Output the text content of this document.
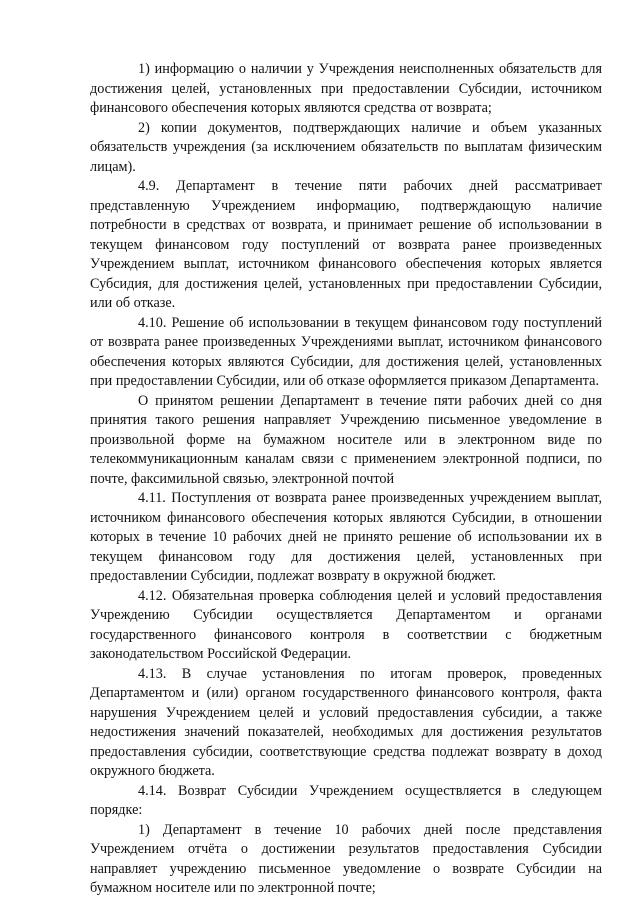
1) информацию о наличии у Учреждения неисполненных обязательств для достижения целей, установленных при предоставлении Субсидии, источником финансового обеспечения которых являются средства от возврата;

2) копии документов, подтверждающих наличие и объем указанных обязательств учреждения (за исключением обязательств по выплатам физическим лицам).

4.9. Департамент в течение пяти рабочих дней рассматривает представленную Учреждением информацию, подтверждающую наличие потребности в средствах от возврата, и принимает решение об использовании в текущем финансовом году поступлений от возврата ранее произведенных Учреждением выплат, источником финансового обеспечения которых является Субсидия, для достижения целей, установленных при предоставлении Субсидии, или об отказе.

4.10. Решение об использовании в текущем финансовом году поступлений от возврата ранее произведенных Учреждениями выплат, источником финансового обеспечения которых являются Субсидии, для достижения целей, установленных при предоставлении Субсидии, или об отказе оформляется приказом Департамента.

О принятом решении Департамент в течение пяти рабочих дней со дня принятия такого решения направляет Учреждению письменное уведомление в произвольной форме на бумажном носителе или в электронном виде по телекоммуникационным каналам связи с применением электронной подписи, по почте, факсимильной связью, электронной почтой

4.11. Поступления от возврата ранее произведенных учреждением выплат, источником финансового обеспечения которых являются Субсидии, в отношении которых в течение 10 рабочих дней не принято решение об использовании их в текущем финансовом году для достижения целей, установленных при предоставлении Субсидии, подлежат возврату в окружной бюджет.

4.12. Обязательная проверка соблюдения целей и условий предоставления Учреждению Субсидии осуществляется Департаментом и органами государственного финансового контроля в соответствии с бюджетным законодательством Российской Федерации.

4.13. В случае установления по итогам проверок, проведенных Департаментом и (или) органом государственного финансового контроля, факта нарушения Учреждением целей и условий предоставления субсидии, а также недостижения значений показателей, необходимых для достижения результатов предоставления субсидии, соответствующие средства подлежат возврату в доход окружного бюджета.

4.14. Возврат Субсидии Учреждением осуществляется в следующем порядке:

1) Департамент в течение 10 рабочих дней после представления Учреждением отчёта о достижении результатов предоставления Субсидии направляет учреждению письменное уведомление о возврате Субсидии на бумажном носителе или по электронной почте;
